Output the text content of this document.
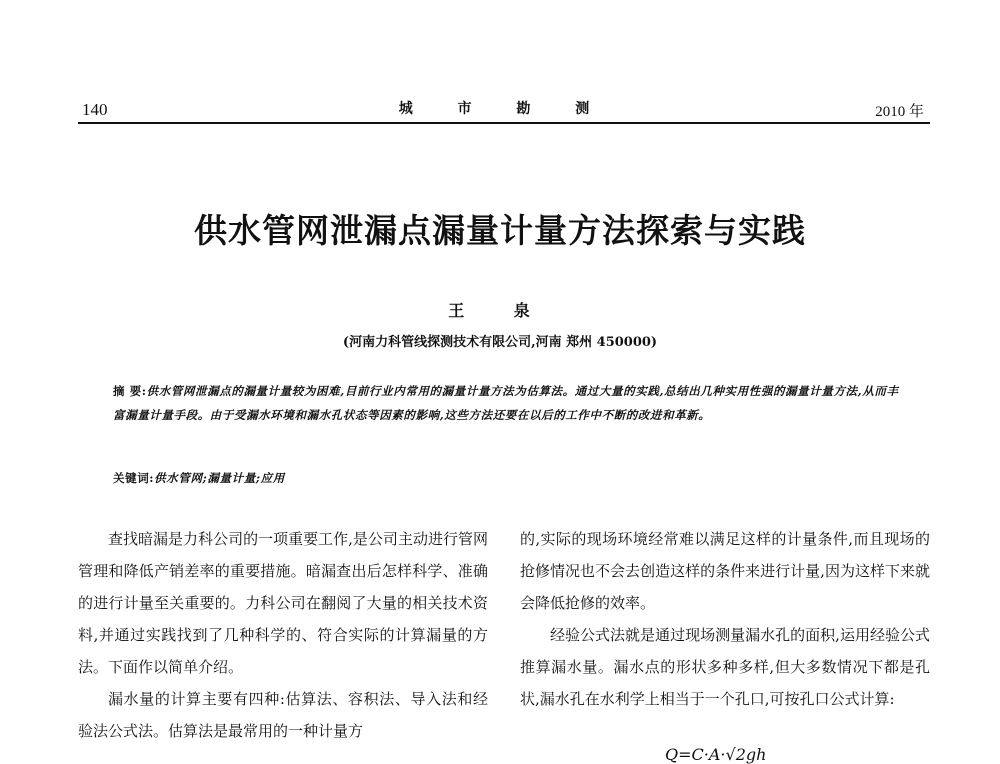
140	城 市 勘 测	2010 年
供水管网泄漏点漏量计量方法探索与实践
王 泉
(河南力科管线探测技术有限公司,河南 郑州 450000)
摘 要:供水管网泄漏点的漏量计量较为困难,目前行业内常用的漏量计量方法为估算法。通过大量的实践,总结出几种实用性强的漏量计量方法,从而丰富漏量计量手段。由于受漏水环境和漏水孔状态等因素的影响,这些方法还要在以后的工作中不断的改进和革新。
关键词:供水管网;漏量计量;应用

查找暗漏是力科公司的一项重要工作,是公司主动进行管网管理和降低产销差率的重要措施。暗漏查出后怎样科学、准确的进行计量至关重要的。力科公司在翻阅了大量的相关技术资料,并通过实践找到了几种科学的、符合实际的计算漏量的方法。下面作以简单介绍。

漏水量的计算主要有四种:估算法、容积法、导入法和经验法公式法。估算法是最常用的一种计量方

的,实际的现场环境经常难以满足这样的计量条件,而且现场的抢修情况也不会去创造这样的条件来进行计量,因为这样下来就会降低抢修的效率。

经验公式法就是通过现场测量漏水孔的面积,运用经验公式推算漏水量。漏水点的形状多种多样,但大多数情况下都是孔状,漏水孔在水利学上相当于一个孔口,可按孔口公式计算:

Q=C·A·√2gh
